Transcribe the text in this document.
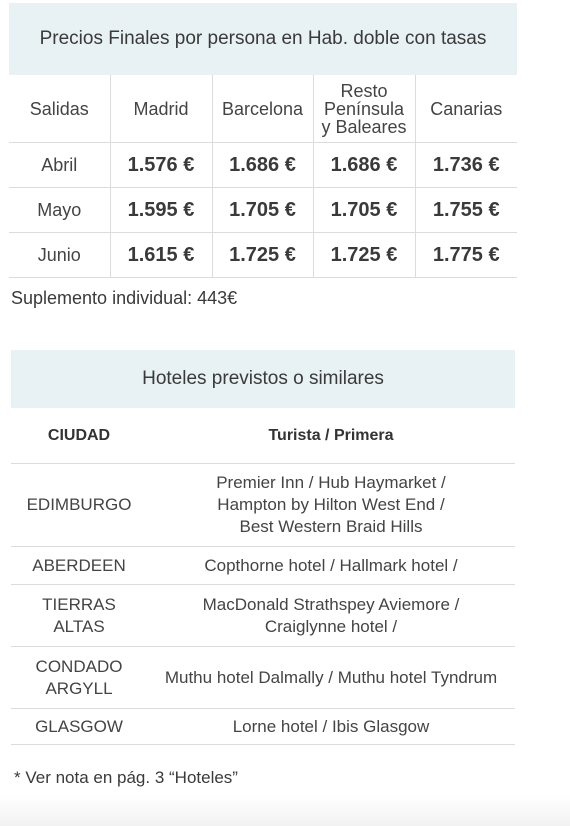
Precios Finales por persona en Hab. doble con tasas
Salidas	Madrid	Barcelona	Resto Península y Baleares	Canarias
Abril	1.576 €	1.686 €	1.686 €	1.736 €
Mayo	1.595 €	1.705 €	1.705 €	1.755 €
Junio	1.615 €	1.725 €	1.725 €	1.775 €
Suplemento individual: 443€
Hoteles previstos o similares
CIUDAD	Turista / Primera
EDIMBURGO	Premier Inn / Hub Haymarket / Hampton by Hilton West End / Best Western Braid Hills
ABERDEEN	Copthorne hotel / Hallmark hotel /
TIERRAS ALTAS	MacDonald Strathspey Aviemore / Craiglynne hotel /
CONDADO ARGYLL	Muthu hotel Dalmally / Muthu hotel Tyndrum
GLASGOW	Lorne hotel / Ibis Glasgow
* Ver nota en pág. 3 “Hoteles”
